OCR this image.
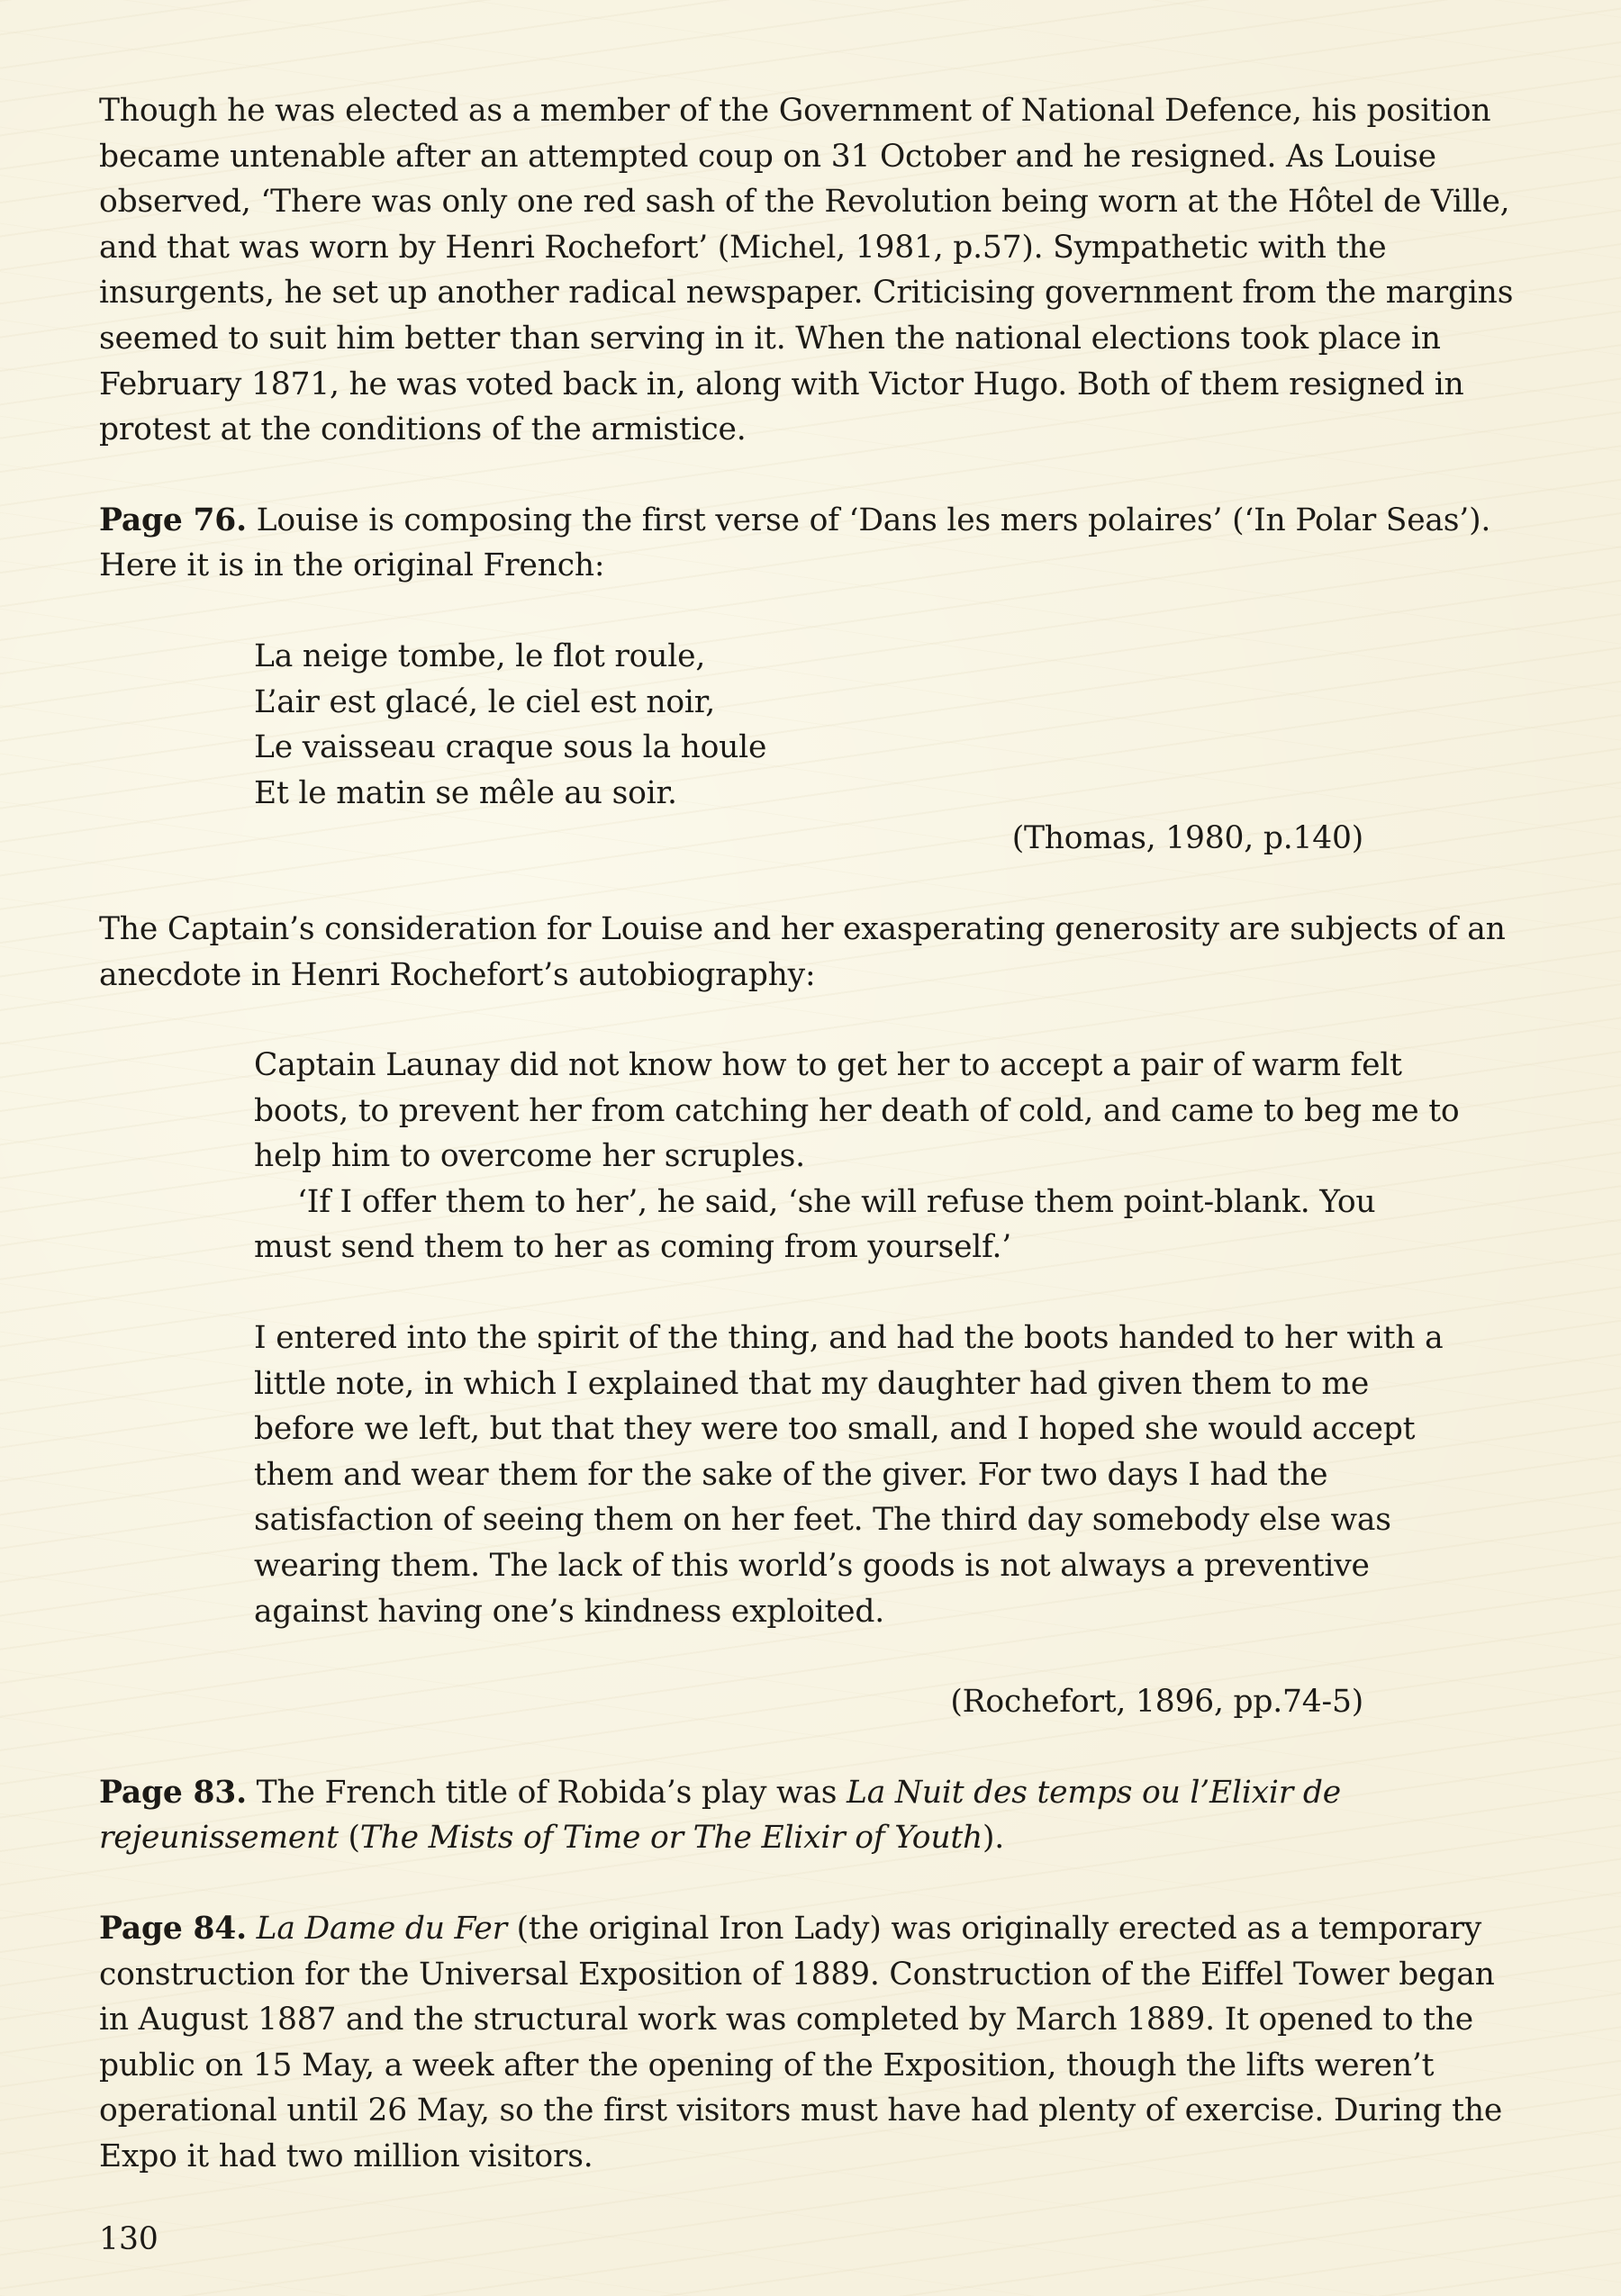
Though he was elected as a member of the Government of National Defence, his position became untenable after an attempted coup on 31 October and he resigned. As Louise observed, ‘There was only one red sash of the Revolution being worn at the Hôtel de Ville, and that was worn by Henri Rochefort’ (Michel, 1981, p.57). Sympathetic with the insurgents, he set up another radical newspaper. Criticising government from the margins seemed to suit him better than serving in it. When the national elections took place in February 1871, he was voted back in, along with Victor Hugo. Both of them resigned in protest at the conditions of the armistice.

Page 76. Louise is composing the first verse of ‘Dans les mers polaires’ (‘In Polar Seas’). Here it is in the original French:

La neige tombe, le flot roule,
L’air est glacé, le ciel est noir,
Le vaisseau craque sous la houle
Et le matin se mêle au soir.

(Thomas, 1980, p.140)

The Captain’s consideration for Louise and her exasperating generosity are subjects of an anecdote in Henri Rochefort’s autobiography:

Captain Launay did not know how to get her to accept a pair of warm felt boots, to prevent her from catching her death of cold, and came to beg me to help him to overcome her scruples.

‘If I offer them to her’, he said, ‘she will refuse them point-blank. You must send them to her as coming from yourself.’

I entered into the spirit of the thing, and had the boots handed to her with a little note, in which I explained that my daughter had given them to me before we left, but that they were too small, and I hoped she would accept them and wear them for the sake of the giver. For two days I had the satisfaction of seeing them on her feet. The third day somebody else was wearing them. The lack of this world’s goods is not always a preventive against having one’s kindness exploited.

(Rochefort, 1896, pp.74-5)

Page 83. The French title of Robida’s play was La Nuit des temps ou l’Elixir de rejeunissement (The Mists of Time or The Elixir of Youth).

Page 84. La Dame du Fer (the original Iron Lady) was originally erected as a temporary construction for the Universal Exposition of 1889. Construction of the Eiffel Tower began in August 1887 and the structural work was completed by March 1889. It opened to the public on 15 May, a week after the opening of the Exposition, though the lifts weren’t operational until 26 May, so the first visitors must have had plenty of exercise. During the Expo it had two million visitors.

130
